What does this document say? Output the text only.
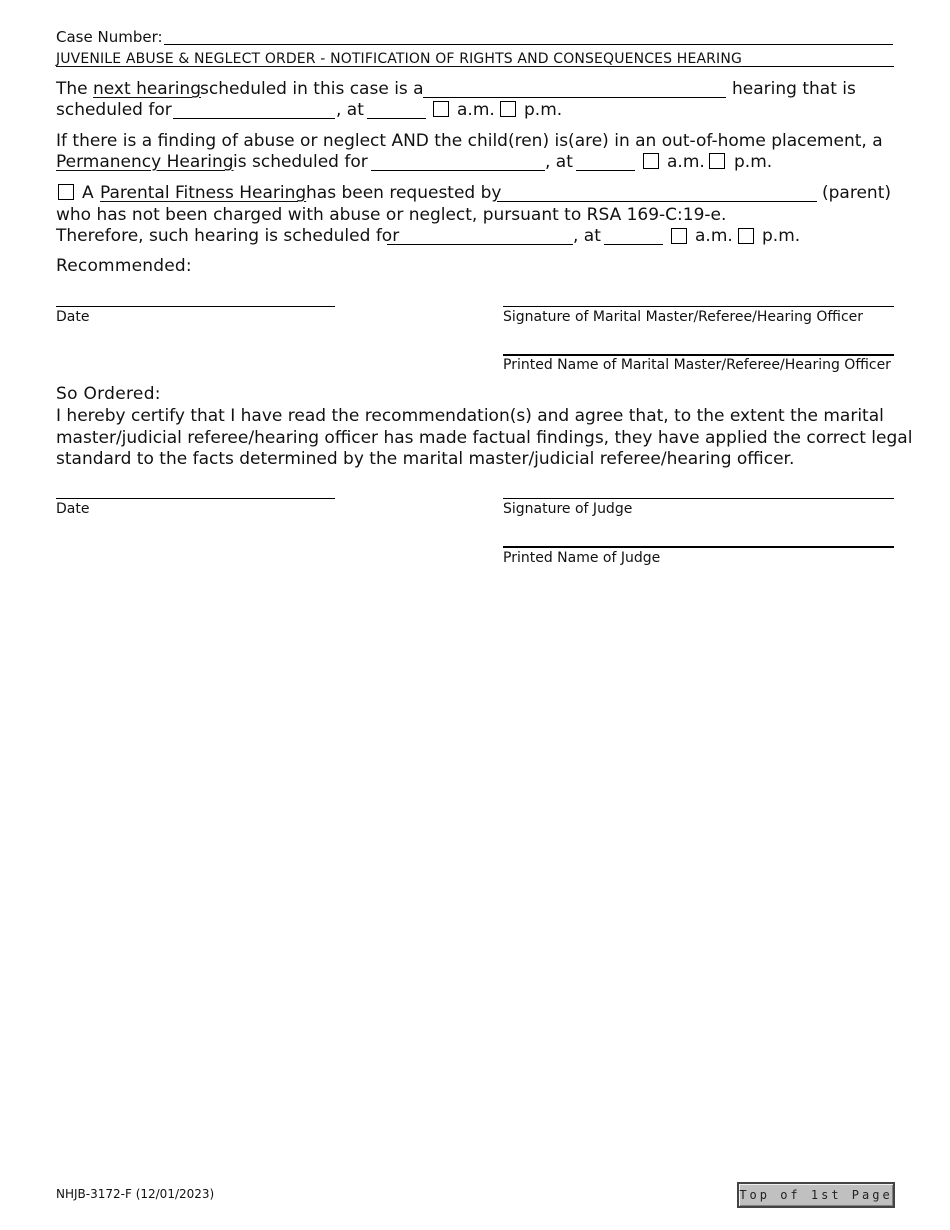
Case Number:
JUVENILE ABUSE & NEGLECT ORDER - NOTIFICATION OF RIGHTS AND CONSEQUENCES HEARING
The next hearing scheduled in this case is a	hearing that is
scheduled for	, at	a.m. p.m.
If there is a finding of abuse or neglect AND the child(ren) is(are) in an out-of-home placement, a
Permanency Hearing is scheduled for	, at	a.m. p.m.
A Parental Fitness Hearing has been requested by	(parent)
who has not been charged with abuse or neglect, pursuant to RSA 169-C:19-e.
Therefore, such hearing is scheduled for	, at	a.m. p.m.
Recommended:
Date	Signature of Marital Master/Referee/Hearing Officer
Printed Name of Marital Master/Referee/Hearing Officer
So Ordered:
I hereby certify that I have read the recommendation(s) and agree that, to the extent the marital
master/judicial referee/hearing officer has made factual findings, they have applied the correct legal
standard to the facts determined by the marital master/judicial referee/hearing officer.
Date	Signature of Judge
Printed Name of Judge
NHJB-3172-F (12/01/2023)	Top of 1st Page
